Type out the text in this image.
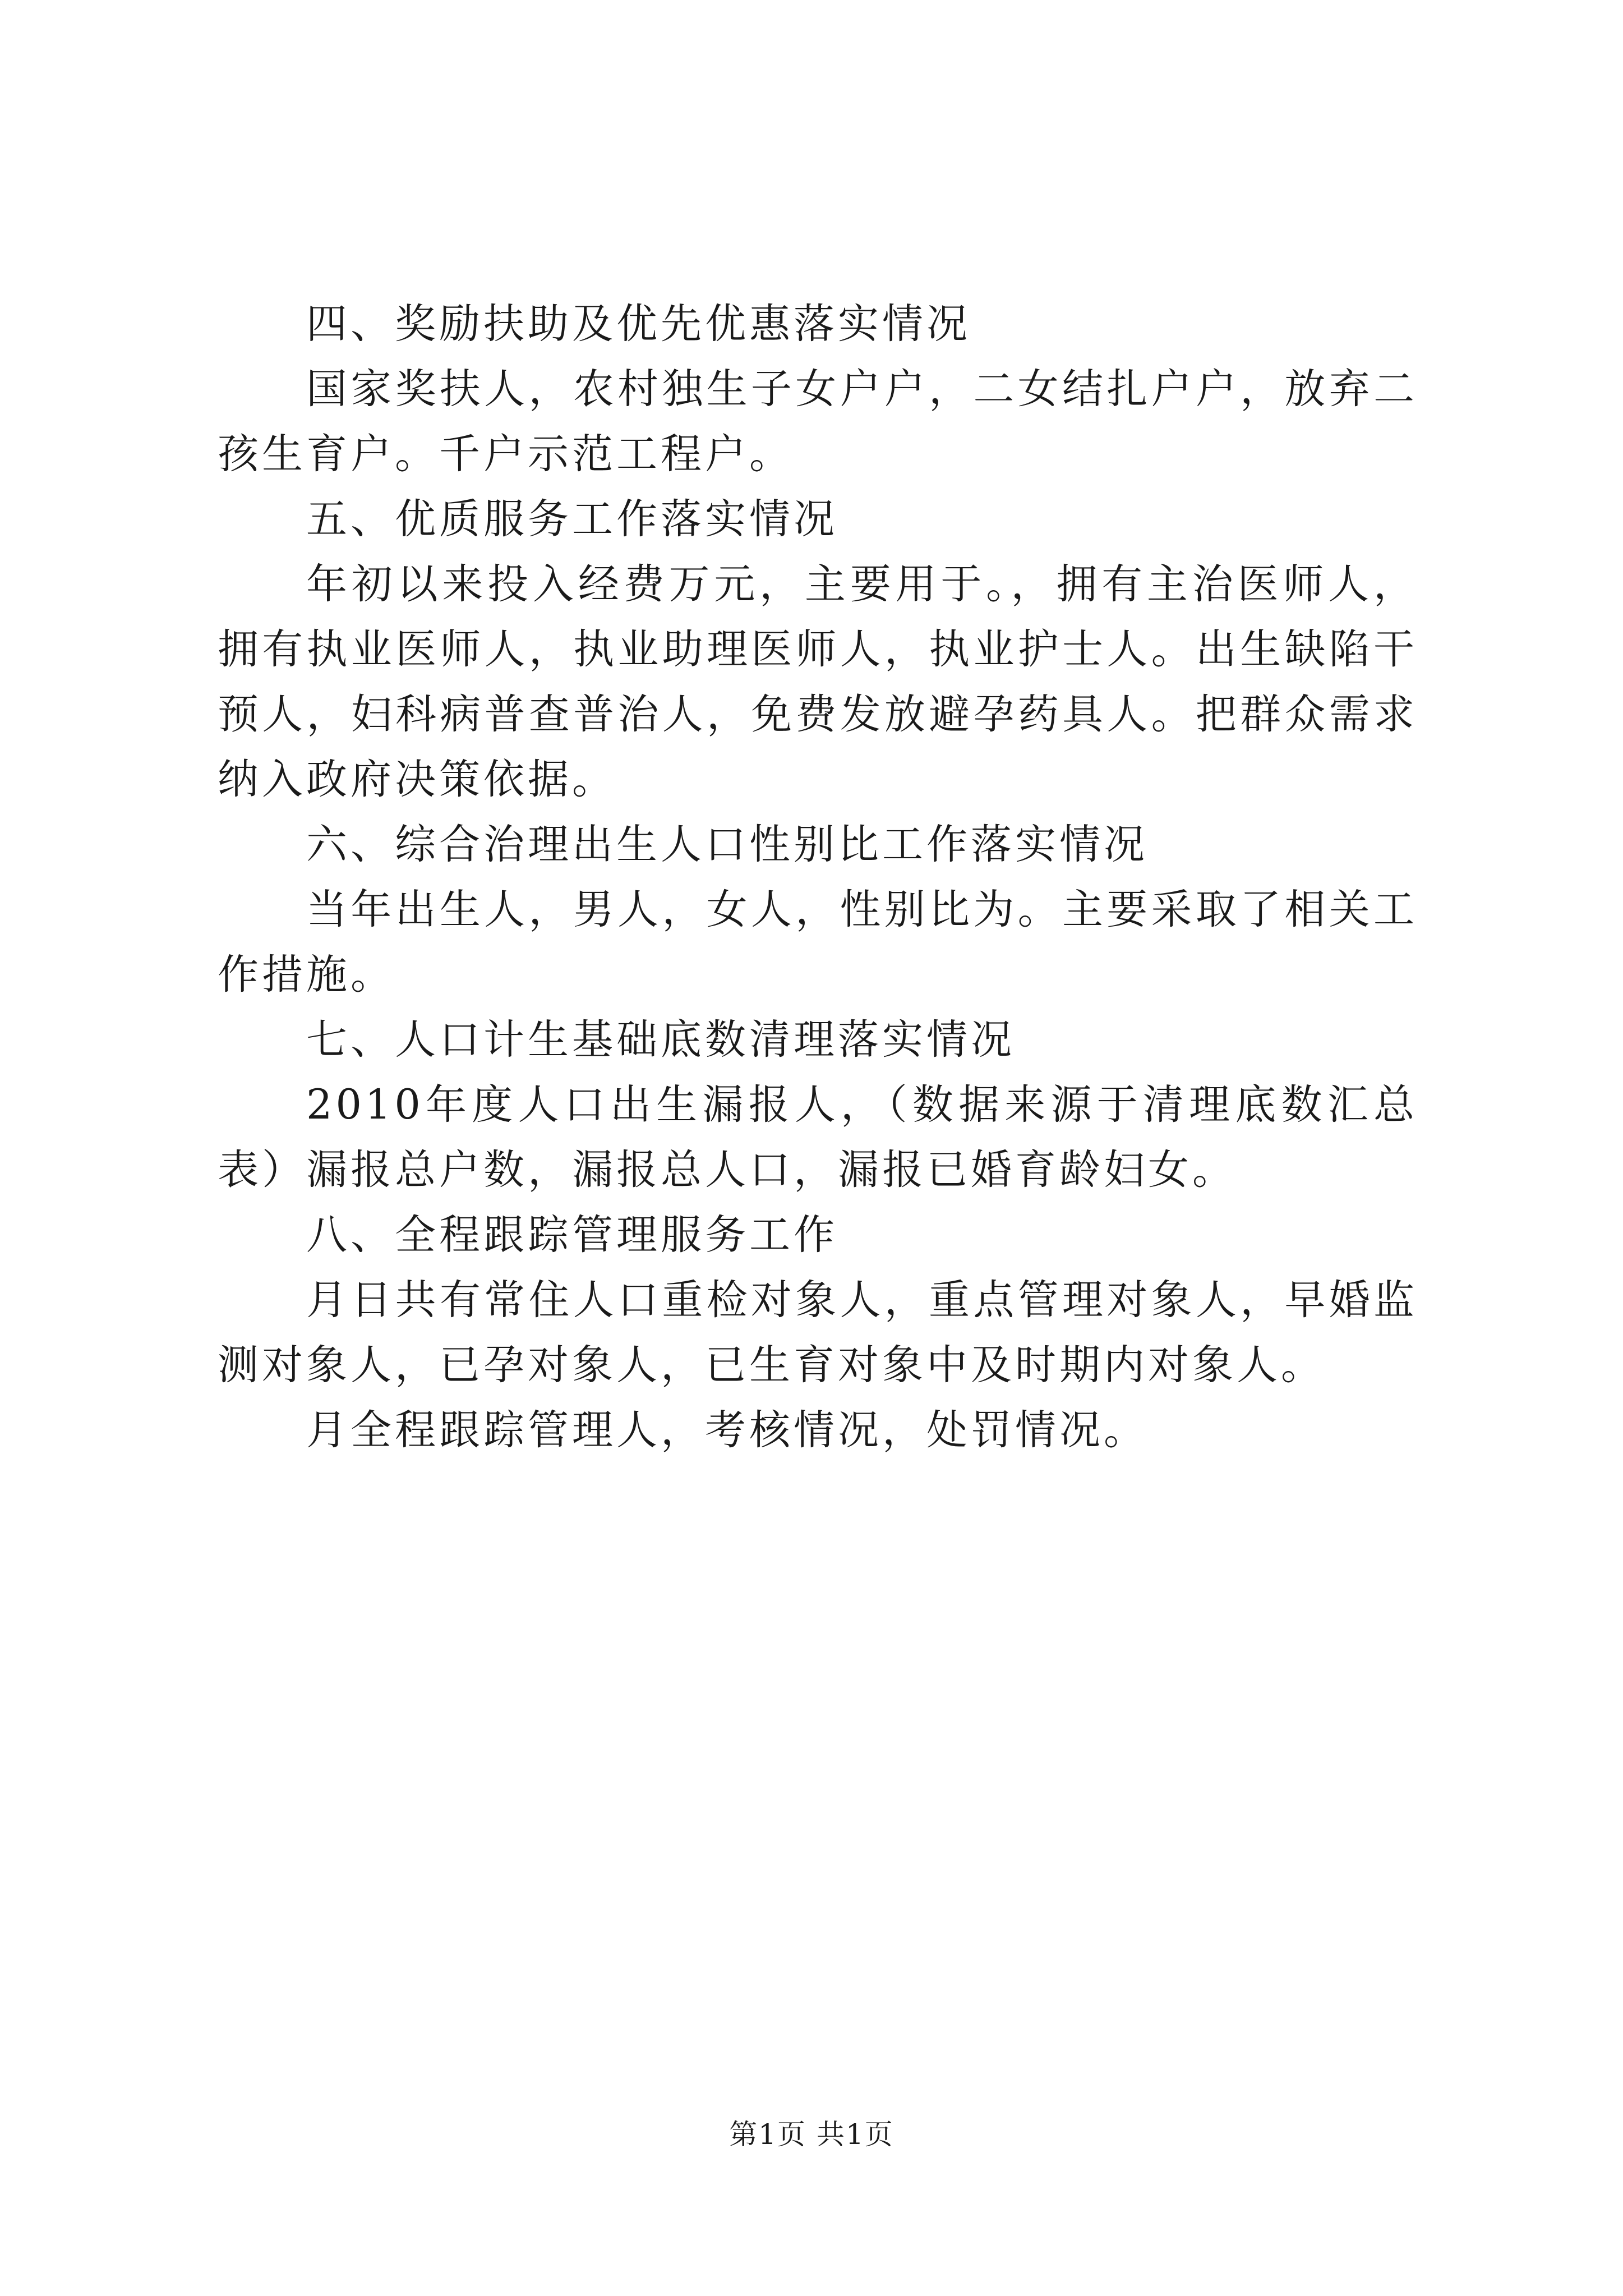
四、奖励扶助及优先优惠落实情况

国家奖扶人，农村独生子女户户，二女结扎户户，放弃二孩生育户。千户示范工程户。

五、优质服务工作落实情况

年初以来投入经费万元，主要用于。，拥有主治医师人，拥有执业医师人，执业助理医师人，执业护士人。出生缺陷干预人，妇科病普查普治人，免费发放避孕药具人。把群众需求纳入政府决策依据。

六、综合治理出生人口性别比工作落实情况

当年出生人，男人，女人，性别比为。主要采取了相关工作措施。

七、人口计生基础底数清理落实情况

2010年度人口出生漏报人，（数据来源于清理底数汇总表）漏报总户数，漏报总人口，漏报已婚育龄妇女。

八、全程跟踪管理服务工作

月日共有常住人口重检对象人，重点管理对象人，早婚监测对象人，已孕对象人，已生育对象中及时期内对象人。

月全程跟踪管理人，考核情况，处罚情况。

第1页 共1页
